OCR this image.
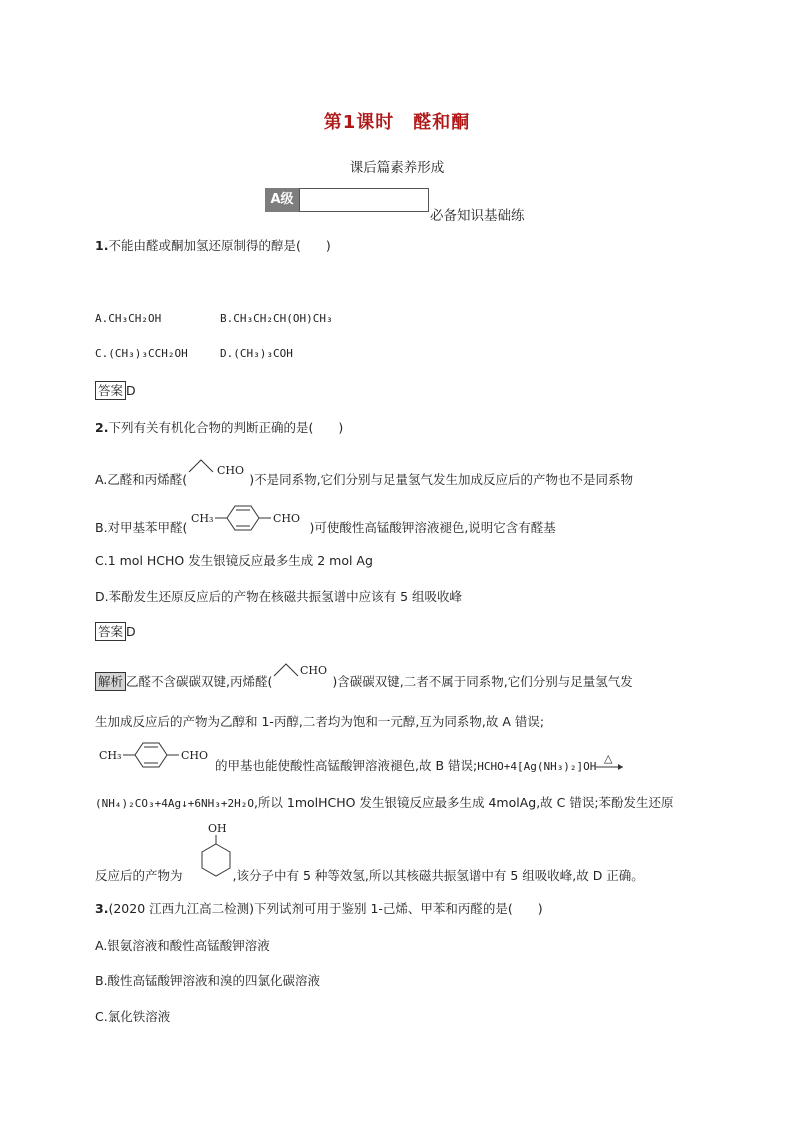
第1课时　醛和酮
课后篇素养形成
A级
必备知识基础练
1.不能由醛或酮加氢还原制得的醇是(　　)
A.CH₃CH₂OH	B.CH₃CH₂CH(OH)CH₃
C.(CH₃)₃CCH₂OH	D.(CH₃)₃COH
答案 D
2.下列有关有机化合物的判断正确的是(　　)
A.乙醛和丙烯醛(
CHO
)不是同系物,它们分别与足量氢气发生加成反应后的产物也不是同系物
B.对甲基苯甲醛(
CH₃	CHO
)可使酸性高锰酸钾溶液褪色,说明它含有醛基
C.1 mol HCHO 发生银镜反应最多生成 2 mol Ag
D.苯酚发生还原反应后的产物在核磁共振氢谱中应该有 5 组吸收峰
答案 D
解析 乙醛不含碳碳双键,丙烯醛(
CHO
)含碳碳双键,二者不属于同系物,它们分别与足量氢气发
生加成反应后的产物为乙醇和 1-丙醇,二者均为饱和一元醇,互为同系物,故 A 错误;
CH₃	CHO
的甲基也能使酸性高锰酸钾溶液褪色,故 B 错误;HCHO+4[Ag(NH₃)₂]OH
△
(NH₄)₂CO₃+4Ag↓+6NH₃+2H₂O,所以 1molHCHO 发生银镜反应最多生成 4molAg,故 C 错误;苯酚发生还原
OH
反应后的产物为	,该分子中有 5 种等效氢,所以其核磁共振氢谱中有 5 组吸收峰,故 D 正确。
3.(2020 江西九江高二检测)下列试剂可用于鉴别 1-己烯、甲苯和丙醛的是(　　)
A.银氨溶液和酸性高锰酸钾溶液
B.酸性高锰酸钾溶液和溴的四氯化碳溶液
C.氯化铁溶液
